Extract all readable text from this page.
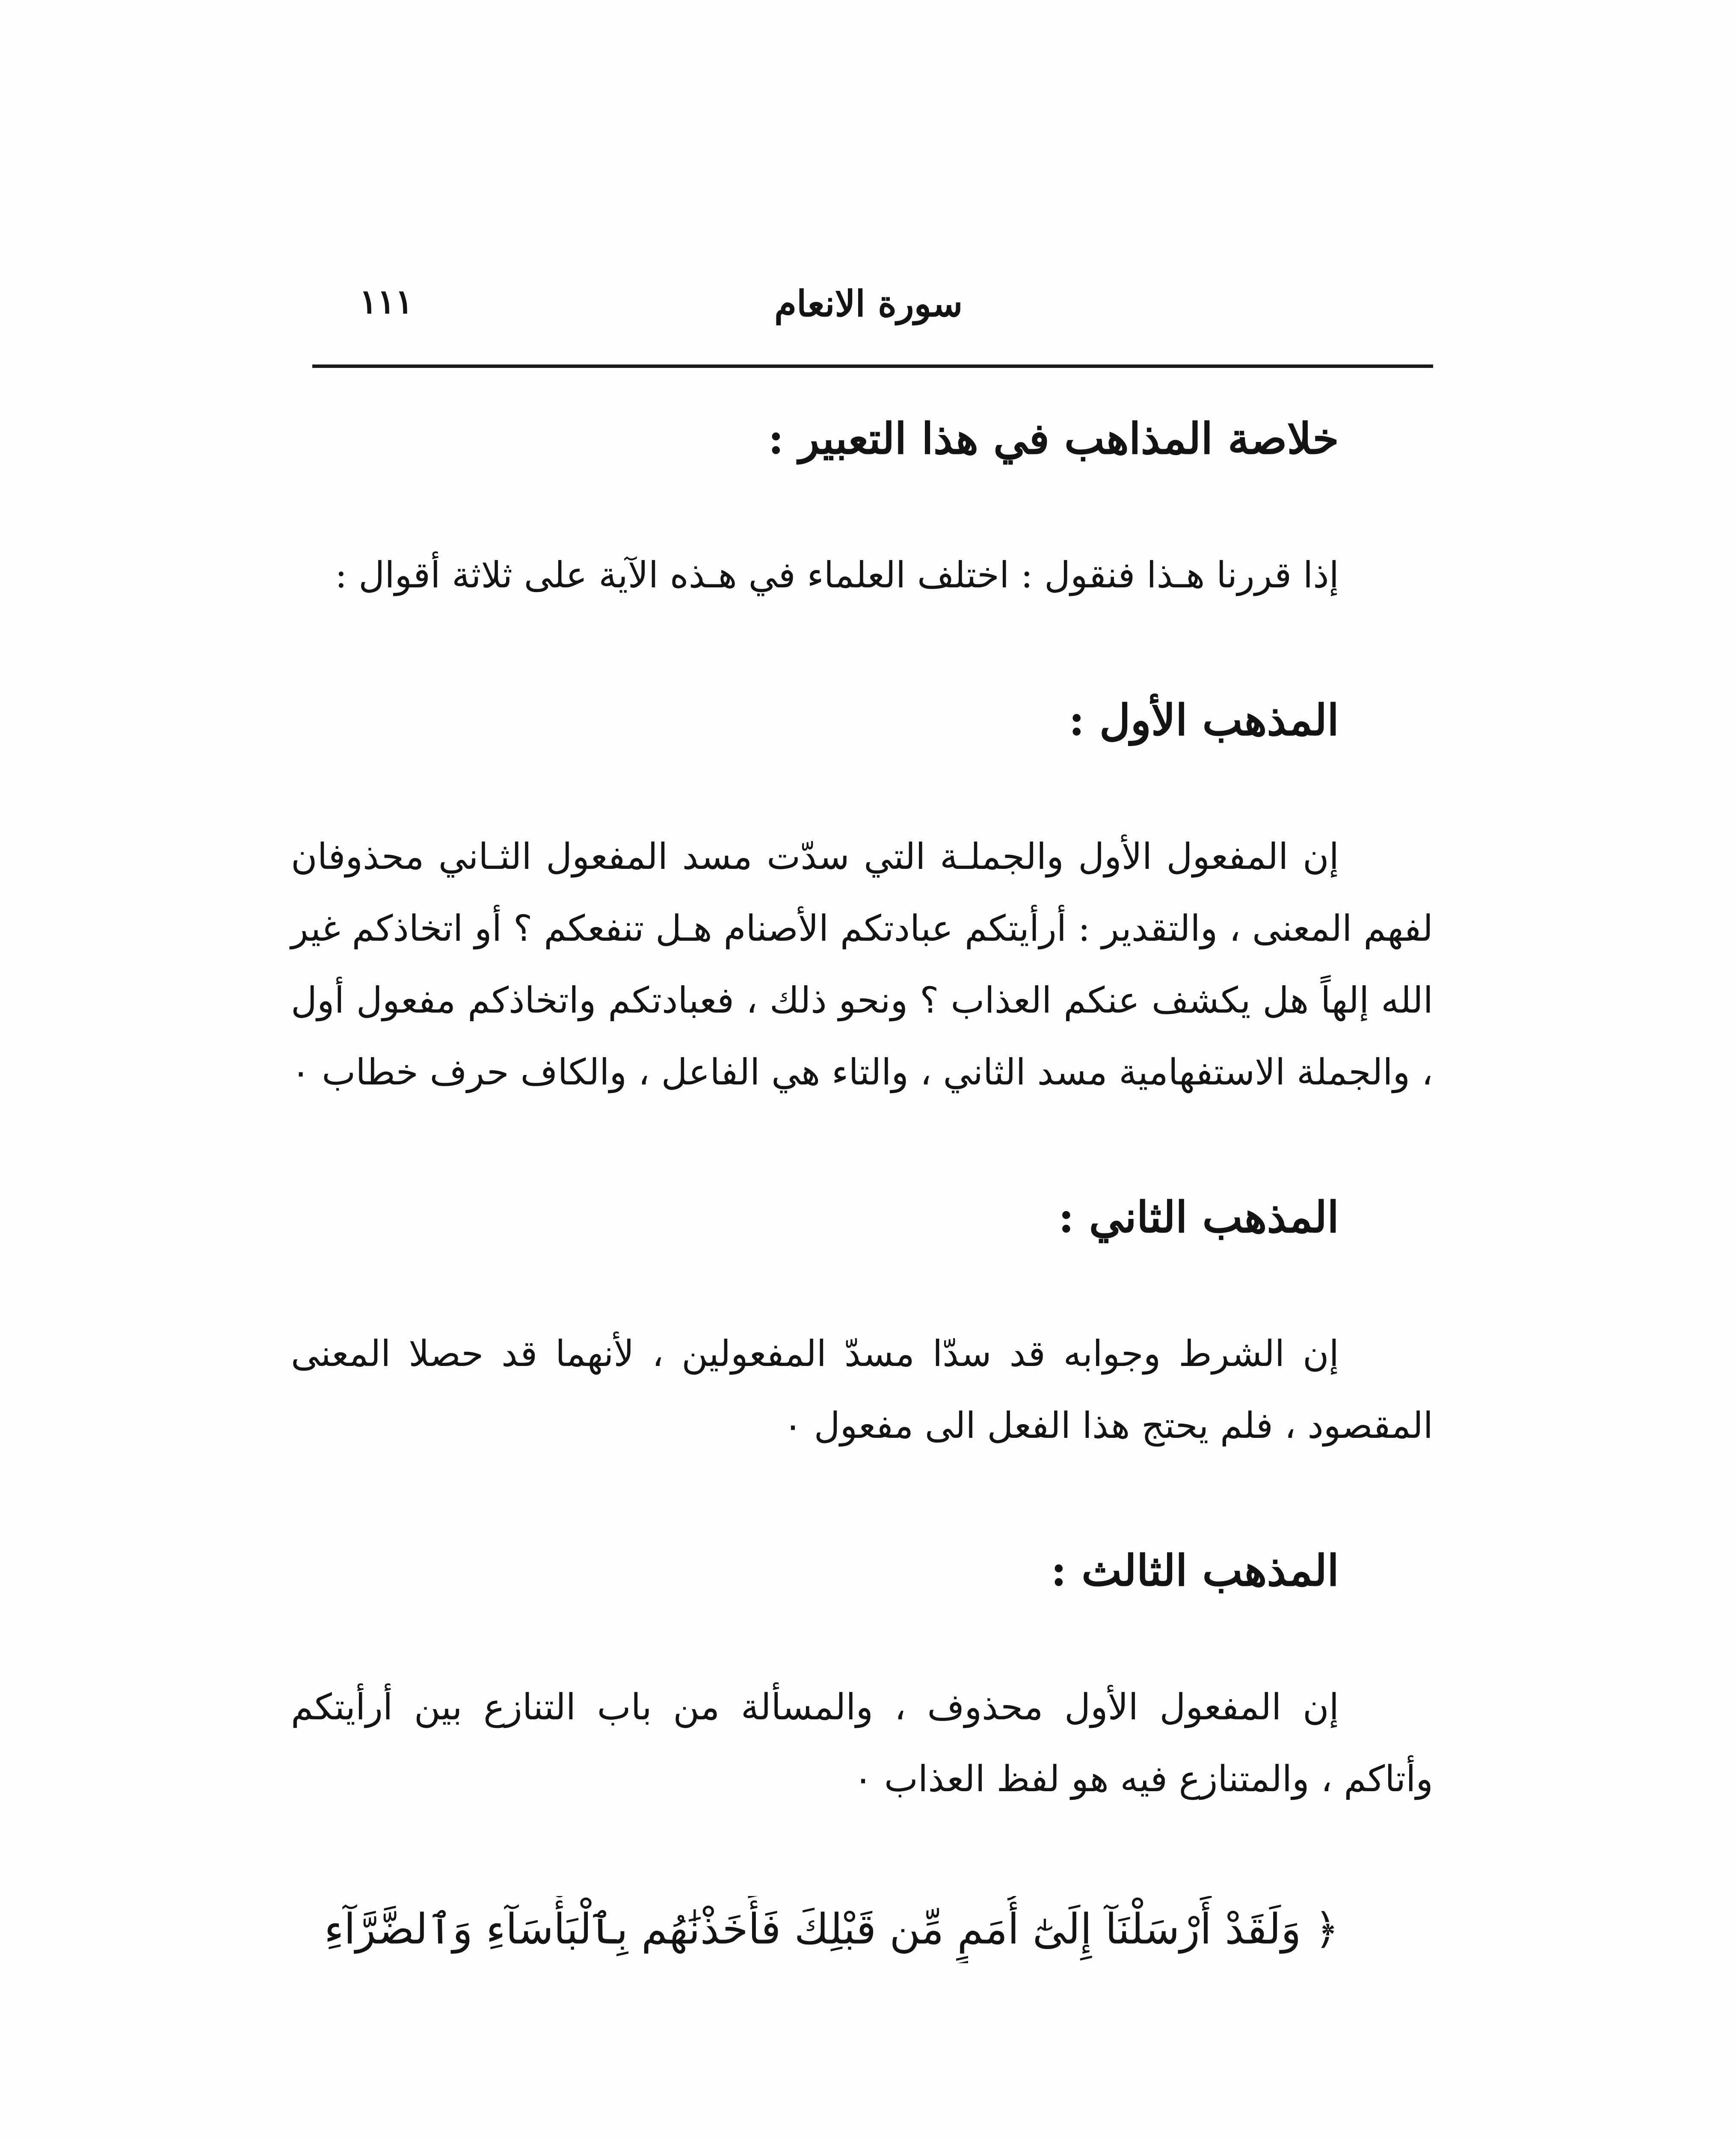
١١١	سورة الانعام
خلاصة المذاهب في هذا التعبير :

إذا قررنا هـذا فنقول : اختلف العلماء في هـذه الآية على ثلاثة أقوال :

المذهب الأول :

إن المفعول الأول والجملـة التي سدّت مسد المفعول الثـاني محذوفان لفهم المعنى ، والتقدير : أرأيتكم عبادتكم الأصنام هـل تنفعكم ؟ أو اتخاذكم غير الله إلهاً هل يكشف عنكم العذاب ؟ ونحو ذلك ، فعبادتكم واتخاذكم مفعول أول ، والجملة الاستفهامية مسد الثاني ، والتاء هي الفاعل ، والكاف حرف خطاب ٠

المذهب الثاني :

إن الشرط وجوابه قد سدّا مسدّ المفعولين ، لأنهما قد حصلا المعنى المقصود ، فلم يحتج هذا الفعل الى مفعول ٠

المذهب الثالث :

إن المفعول الأول محذوف ، والمسألة من باب التنازع بين أرأيتكم وأتاكم ، والمتنازع فيه هو لفظ العذاب ٠

﴿ وَلَقَدْ أَرْسَلْنَآ إِلَىٰٓ أُمَمٍ مِّن قَبْلِكَ فَأَخَذْنَٰهُم بِٱلْبَأْسَآءِ وَٱلضَّرَّآءِ
